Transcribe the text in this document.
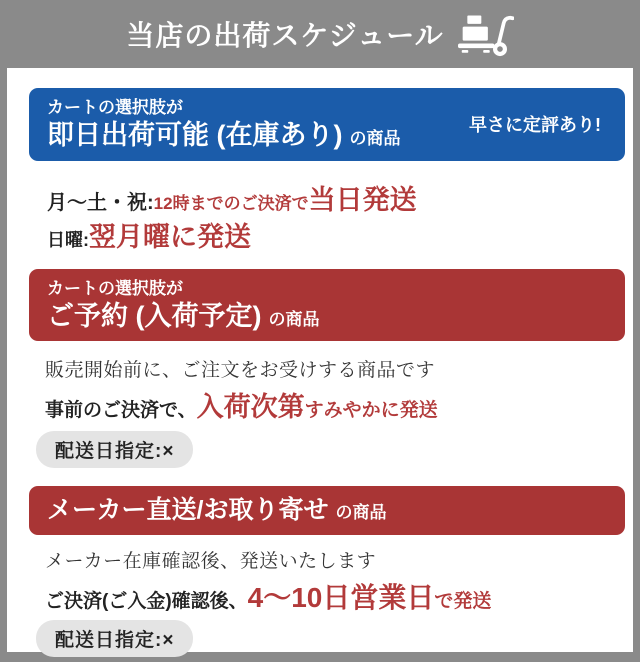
当店の出荷スケジュール
カートの選択肢が
即日出荷可能 (在庫あり) の商品
早さに定評あり!
月〜土・祝:12時までのご決済で当日発送
日曜:翌月曜に発送
カートの選択肢が
ご予約 (入荷予定) の商品
販売開始前に、ご注文をお受けする商品です
事前のご決済で、入荷次第すみやかに発送
配送日指定:×
メーカー直送/お取り寄せ の商品
メーカー在庫確認後、発送いたします
ご決済(ご入金)確認後、4〜10日営業日で発送
配送日指定:×
